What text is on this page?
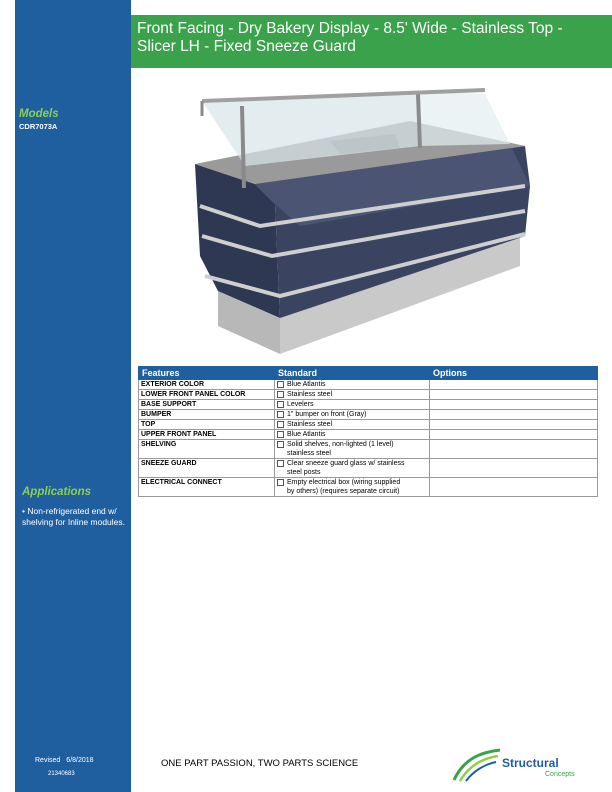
Front Facing - Dry Bakery Display - 8.5' Wide - Stainless Top -
Slicer LH - Fixed Sneeze Guard
Models
CDR7073A
Applications
• Non-refrigerated end w/ shelving for Inline modules.
Revised 6/8/2018
21340683
Features	Standard	Options
EXTERIOR COLOR	Blue Atlantis	
LOWER FRONT PANEL COLOR	Stainless steel	
BASE SUPPORT	Levelers	
BUMPER	1" bumper on front (Gray)	
TOP	Stainless steel	
UPPER FRONT PANEL	Blue Atlantis	
SHELVING	Solid shelves, non-lighted (1 level)
stainless steel	
SNEEZE GUARD	Clear sneeze guard glass w/ stainless
steel posts	
ELECTRICAL CONNECT	Empty electrical box (wiring supplied
by others) (requires separate circuit)	
ONE PART PASSION, TWO PARTS SCIENCE	Structural
Concepts
